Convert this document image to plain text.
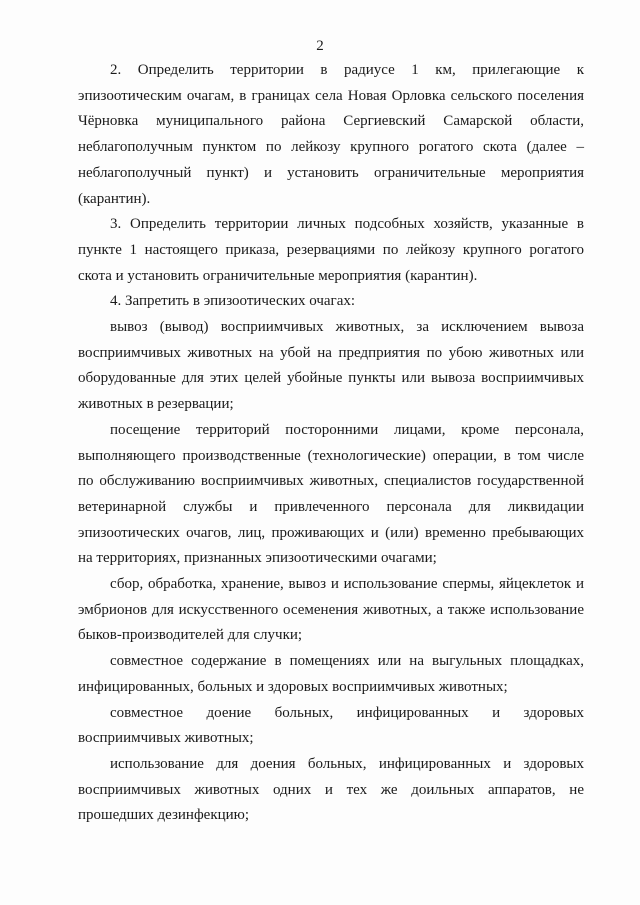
2

2. Определить территории в радиусе 1 км, прилегающие к эпизоотическим очагам, в границах села Новая Орловка сельского поселения Чёрновка муниципального района Сергиевский Самарской области, неблагополучным пунктом по лейкозу крупного рогатого скота (далее – неблагополучный пункт) и установить ограничительные мероприятия (карантин).

3. Определить территории личных подсобных хозяйств, указанные в пункте 1 настоящего приказа, резервациями по лейкозу крупного рогатого скота и установить ограничительные мероприятия (карантин).

4. Запретить в эпизоотических очагах:

вывоз (вывод) восприимчивых животных, за исключением вывоза восприимчивых животных на убой на предприятия по убою животных или оборудованные для этих целей убойные пункты или вывоза восприимчивых животных в резервации;

посещение территорий посторонними лицами, кроме персонала, выполняющего производственные (технологические) операции, в том числе по обслуживанию восприимчивых животных, специалистов государственной ветеринарной службы и привлеченного персонала для ликвидации эпизоотических очагов, лиц, проживающих и (или) временно пребывающих на территориях, признанных эпизоотическими очагами;

сбор, обработка, хранение, вывоз и использование спермы, яйцеклеток и эмбрионов для искусственного осеменения животных, а также использование быков-производителей для случки;

совместное содержание в помещениях или на выгульных площадках, инфицированных, больных и здоровых восприимчивых животных;

совместное доение больных, инфицированных и здоровых восприимчивых животных;

использование для доения больных, инфицированных и здоровых восприимчивых животных одних и тех же доильных аппаратов, не прошедших дезинфекцию;
